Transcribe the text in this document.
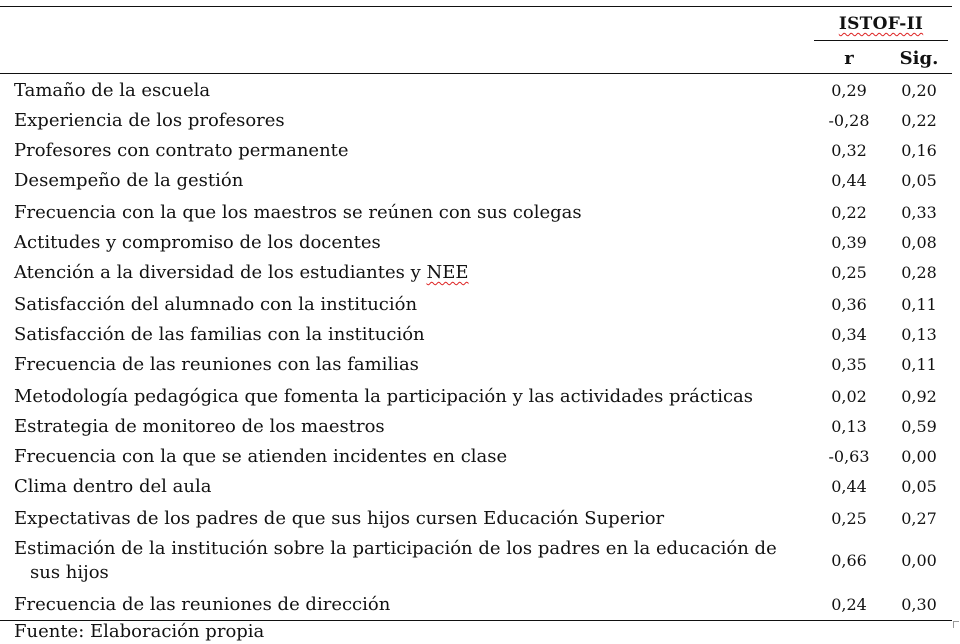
ISTOF-II
r	Sig.
Tamaño de la escuela	0,29	0,20
Experiencia de los profesores	-0,28	0,22
Profesores con contrato permanente	0,32	0,16
Desempeño de la gestión	0,44	0,05
Frecuencia con la que los maestros se reúnen con sus colegas	0,22	0,33
Actitudes y compromiso de los docentes	0,39	0,08
Atención a la diversidad de los estudiantes y NEE	0,25	0,28
Satisfacción del alumnado con la institución	0,36	0,11
Satisfacción de las familias con la institución	0,34	0,13
Frecuencia de las reuniones con las familias	0,35	0,11
Metodología pedagógica que fomenta la participación y las actividades prácticas	0,02	0,92
Estrategia de monitoreo de los maestros	0,13	0,59
Frecuencia con la que se atienden incidentes en clase	-0,63	0,00
Clima dentro del aula	0,44	0,05
Expectativas de los padres de que sus hijos cursen Educación Superior	0,25	0,27
Estimación de la institución sobre la participación de los padres en la educación de
sus hijos
0,66	0,00
Frecuencia de las reuniones de dirección	0,24	0,30
Fuente: Elaboración propia
